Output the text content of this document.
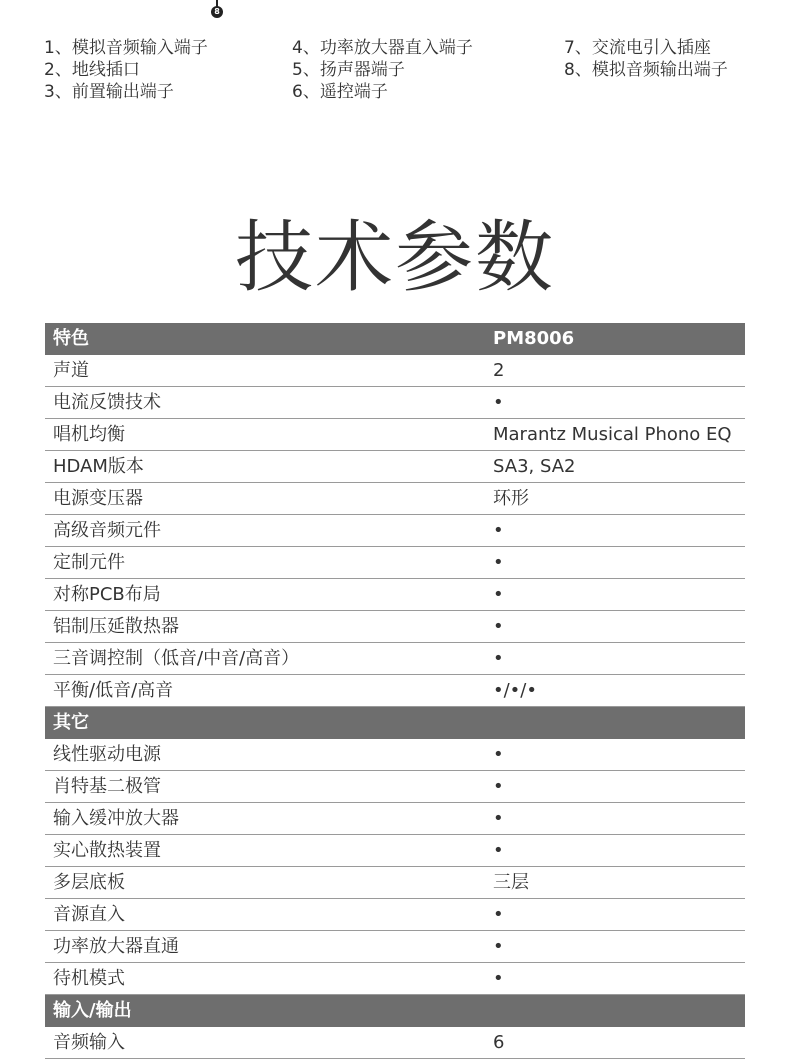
8
1、模拟音频输入端子
2、地线插口
3、前置输出端子
4、功率放大器直入端子
5、扬声器端子
6、遥控端子
7、交流电引入插座
8、模拟音频输出端子
技术参数
特色	PM8006
声道	2
电流反馈技术	•
唱机均衡	Marantz Musical Phono EQ
HDAM版本	SA3, SA2
电源变压器	环形
高级音频元件	•
定制元件	•
对称PCB布局	•
铝制压延散热器	•
三音调控制（低音/中音/高音）	•
平衡/低音/高音	•/•/•
其它
线性驱动电源	•
肖特基二极管	•
输入缓冲放大器	•
实心散热装置	•
多层底板	三层
音源直入	•
功率放大器直通	•
待机模式	•
输入/输出
音频输入	6
